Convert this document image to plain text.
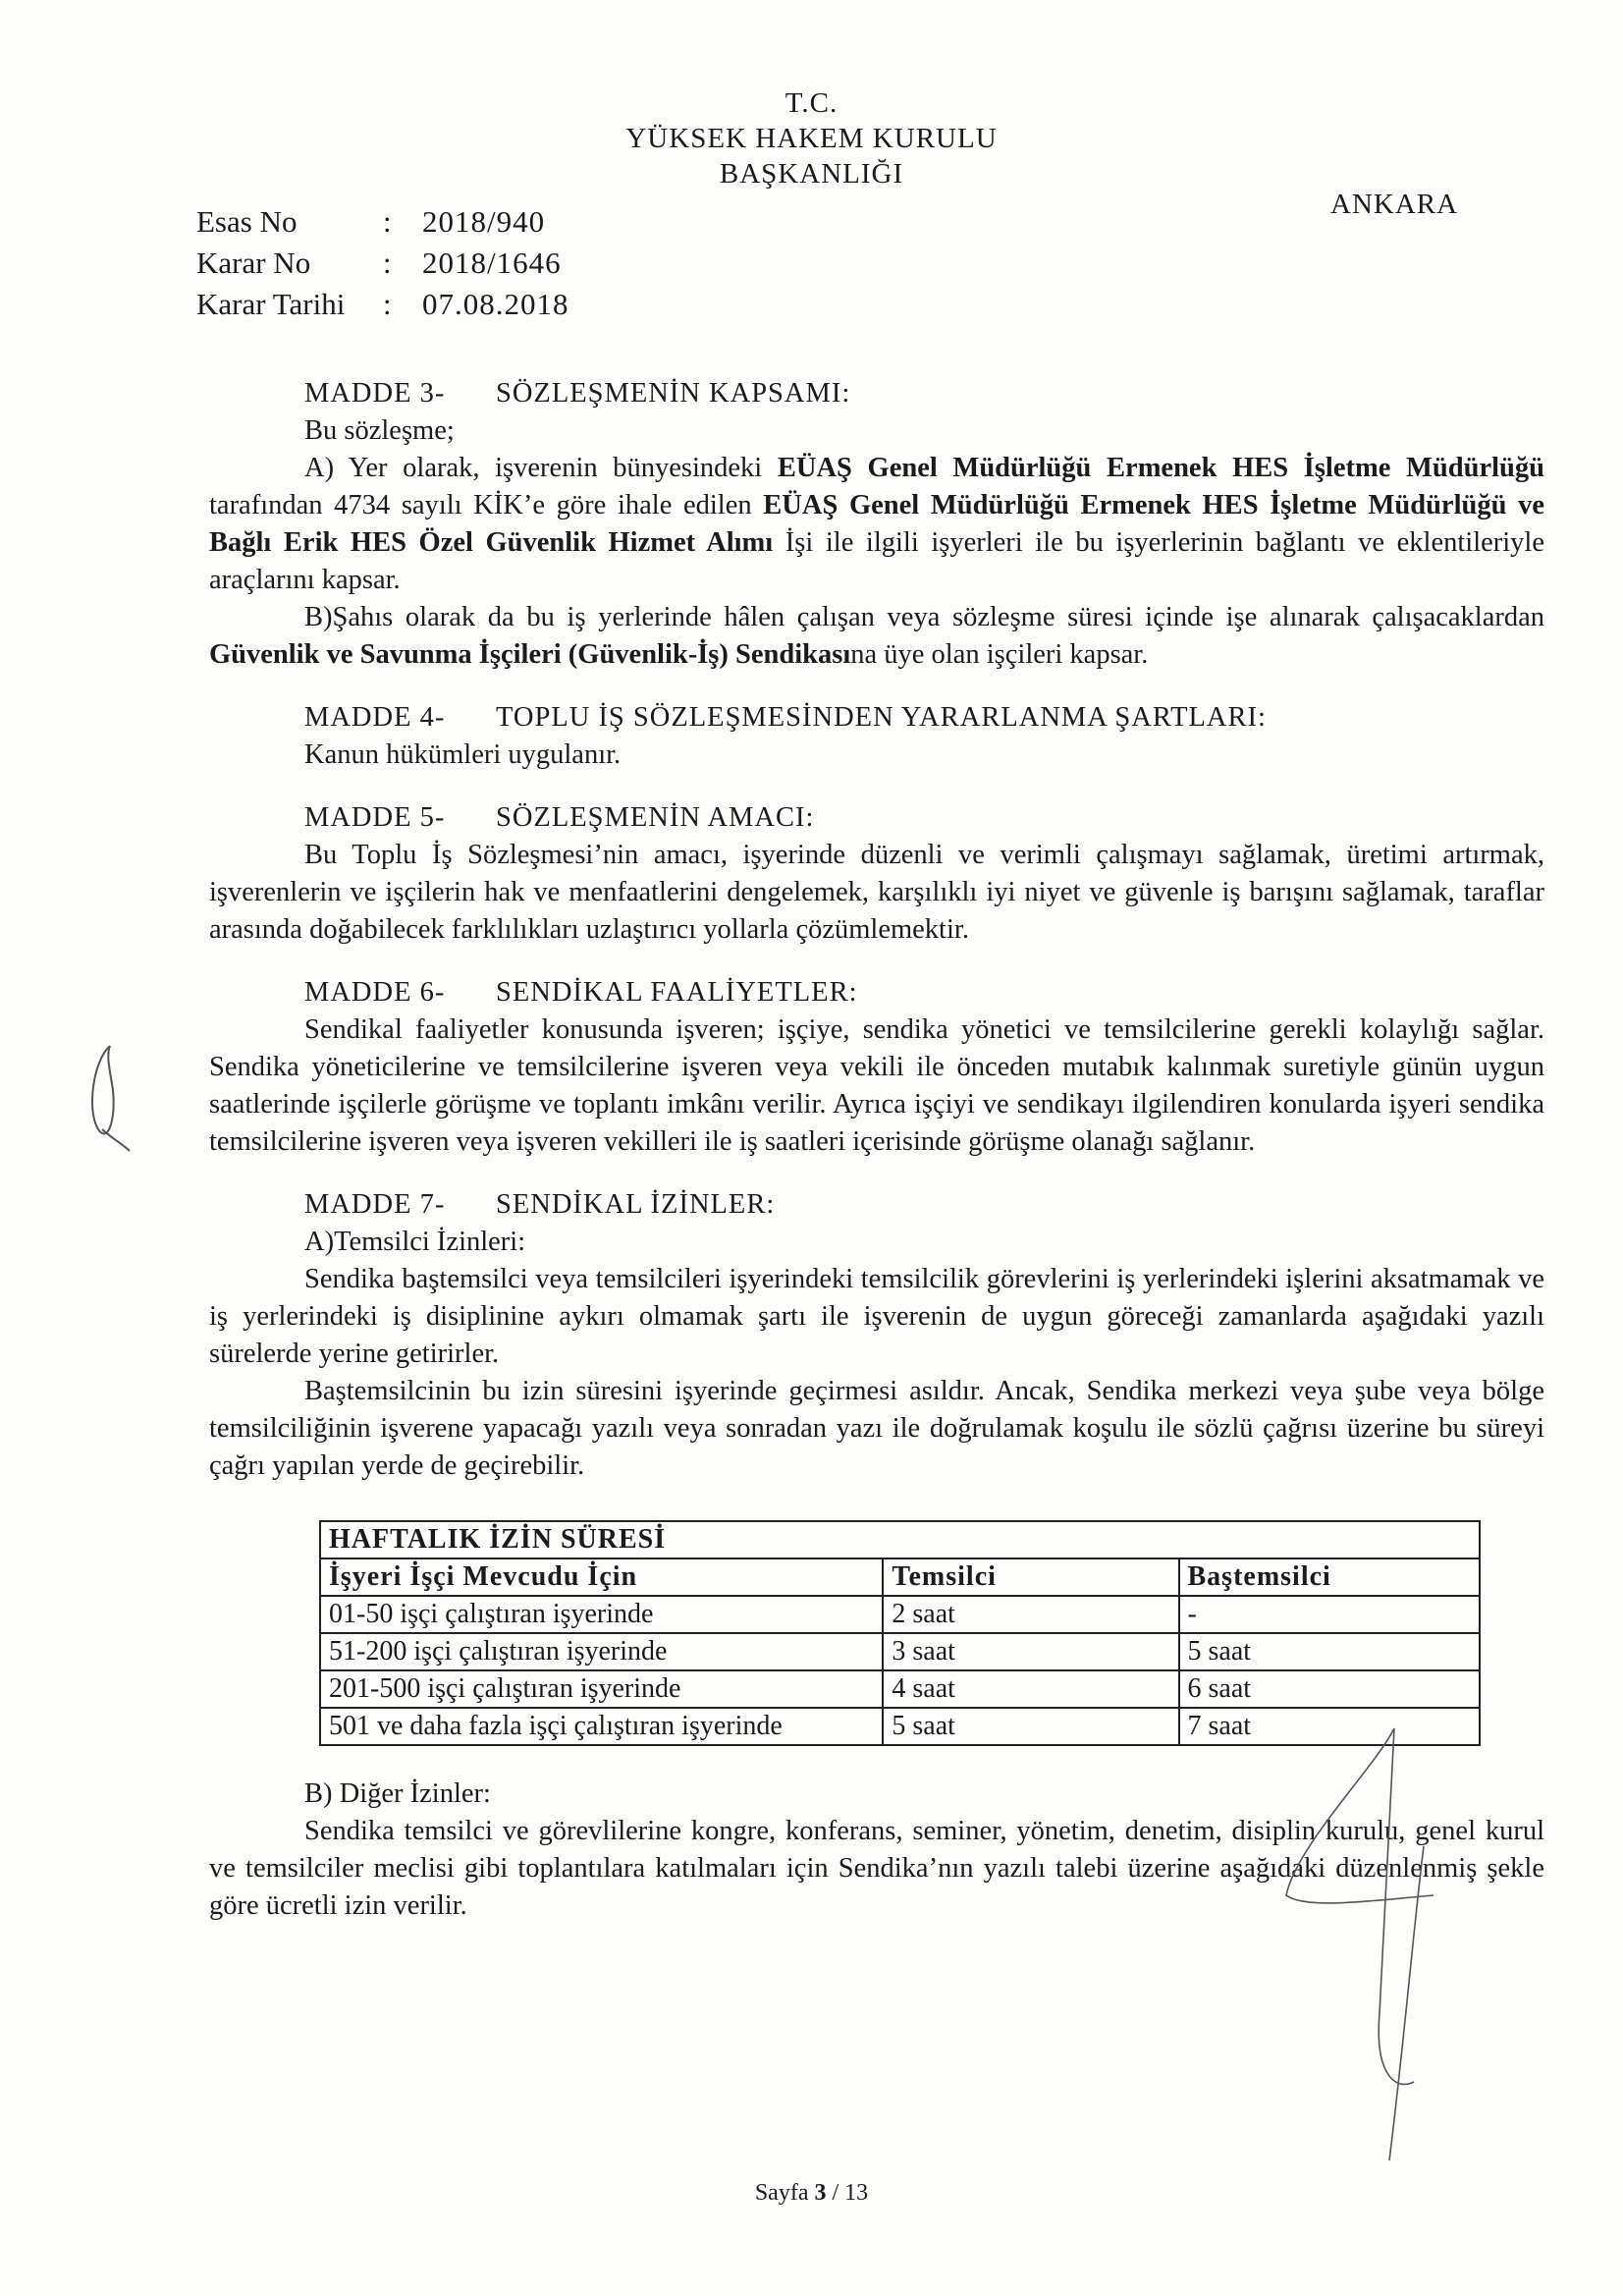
T.C.
YÜKSEK HAKEM KURULU
BAŞKANLIĞI
ANKARA
Esas No	:	2018/940
Karar No	:	2018/1646
Karar Tarihi	:	07.08.2018
MADDE 3- SÖZLEŞMENİN KAPSAMI:
Bu sözleşme;
A) Yer olarak, işverenin bünyesindeki EÜAŞ Genel Müdürlüğü Ermenek HES İşletme Müdürlüğü tarafından 4734 sayılı KİK’e göre ihale edilen EÜAŞ Genel Müdürlüğü Ermenek HES İşletme Müdürlüğü ve Bağlı Erik HES Özel Güvenlik Hizmet Alımı İşi ile ilgili işyerleri ile bu işyerlerinin bağlantı ve eklentileriyle araçlarını kapsar.
B)Şahıs olarak da bu iş yerlerinde hâlen çalışan veya sözleşme süresi içinde işe alınarak çalışacaklardan Güvenlik ve Savunma İşçileri (Güvenlik-İş) Sendikasına üye olan işçileri kapsar.
MADDE 4- TOPLU İŞ SÖZLEŞMESİNDEN YARARLANMA ŞARTLARI:
Kanun hükümleri uygulanır.
MADDE 5- SÖZLEŞMENİN AMACI:
Bu Toplu İş Sözleşmesi’nin amacı, işyerinde düzenli ve verimli çalışmayı sağlamak, üretimi artırmak, işverenlerin ve işçilerin hak ve menfaatlerini dengelemek, karşılıklı iyi niyet ve güvenle iş barışını sağlamak, taraflar arasında doğabilecek farklılıkları uzlaştırıcı yollarla çözümlemektir.
MADDE 6- SENDİKAL FAALİYETLER:
Sendikal faaliyetler konusunda işveren; işçiye, sendika yönetici ve temsilcilerine gerekli kolaylığı sağlar. Sendika yöneticilerine ve temsilcilerine işveren veya vekili ile önceden mutabık kalınmak suretiyle günün uygun saatlerinde işçilerle görüşme ve toplantı imkânı verilir. Ayrıca işçiyi ve sendikayı ilgilendiren konularda işyeri sendika temsilcilerine işveren veya işveren vekilleri ile iş saatleri içerisinde görüşme olanağı sağlanır.
MADDE 7- SENDİKAL İZİNLER:
A)Temsilci İzinleri:
Sendika baştemsilci veya temsilcileri işyerindeki temsilcilik görevlerini iş yerlerindeki işlerini aksatmamak ve iş yerlerindeki iş disiplinine aykırı olmamak şartı ile işverenin de uygun göreceği zamanlarda aşağıdaki yazılı sürelerde yerine getirirler.
Baştemsilcinin bu izin süresini işyerinde geçirmesi asıldır. Ancak, Sendika merkezi veya şube veya bölge temsilciliğinin işverene yapacağı yazılı veya sonradan yazı ile doğrulamak koşulu ile sözlü çağrısı üzerine bu süreyi çağrı yapılan yerde de geçirebilir.
HAFTALIK İZİN SÜRESİ		
İşyeri İşçi Mevcudu İçin	Temsilci	Baştemsilci
01-50 işçi çalıştıran işyerinde	2 saat	-
51-200 işçi çalıştıran işyerinde	3 saat	5 saat
201-500 işçi çalıştıran işyerinde	4 saat	6 saat
501 ve daha fazla işçi çalıştıran işyerinde	5 saat	7 saat
B) Diğer İzinler:
Sendika temsilci ve görevlilerine kongre, konferans, seminer, yönetim, denetim, disiplin kurulu, genel kurul ve temsilciler meclisi gibi toplantılara katılmaları için Sendika’nın yazılı talebi üzerine aşağıdaki düzenlenmiş şekle göre ücretli izin verilir.
Sayfa 3 / 13
